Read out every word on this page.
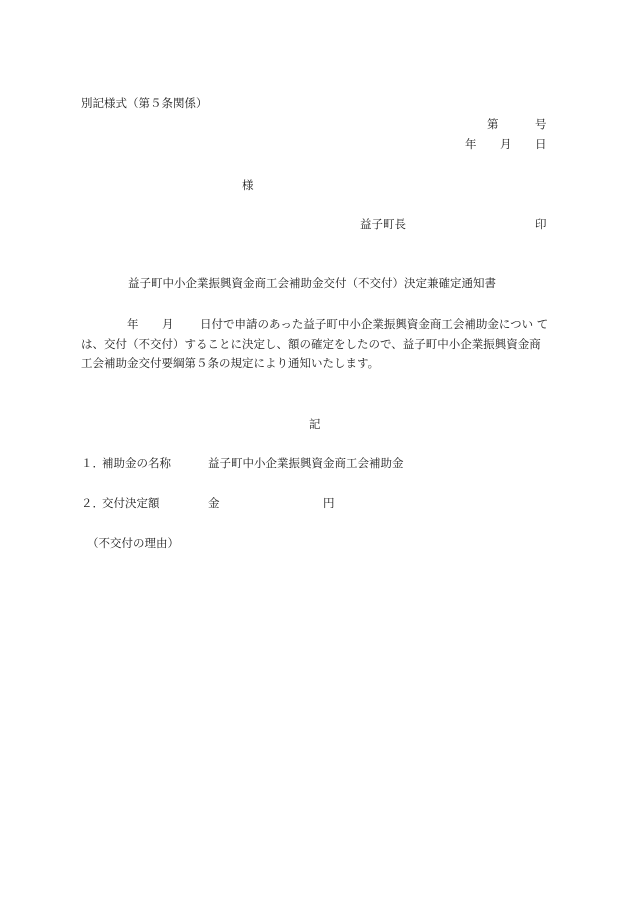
別記様式（第５条関係）
第	号
年 月 日
様
益子町長	印
益子町中小企業振興資金商工会補助金交付（不交付）決定兼確定通知書
年 月 日付で申請のあった益子町中小企業振興資金商工会補助金につい て
は、交付（不交付）することに決定し、額の確定をしたので、益子町中小企業振興資金商
工会補助金交付要綱第５条の規定により通知いたします。
記
１．
補助金の名称	益子町中小企業振興資金商工会補助金
２．
交付決定額	金	円
（不交付の理由）
